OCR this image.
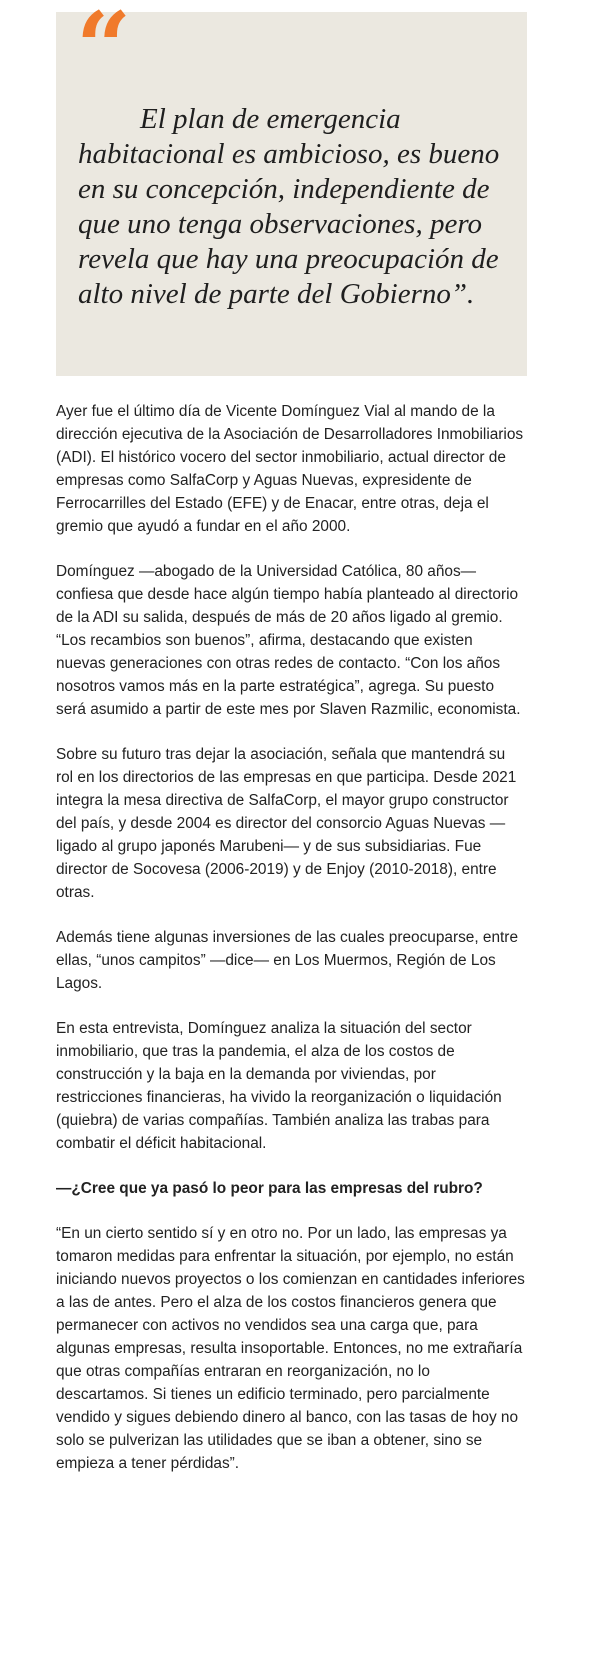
“

El plan de emergencia habitacional es ambicioso, es bueno en su concepción, independiente de que uno tenga observaciones, pero revela que hay una preocupación de alto nivel de parte del Gobierno”.

Ayer fue el último día de Vicente Domínguez Vial al mando de la dirección ejecutiva de la Asociación de Desarrolladores Inmobiliarios (ADI). El histórico vocero del sector inmobiliario, actual director de empresas como SalfaCorp y Aguas Nuevas, expresidente de Ferrocarrilles del Estado (EFE) y de Enacar, entre otras, deja el gremio que ayudó a fundar en el año 2000.

Domínguez —abogado de la Universidad Católica, 80 años— confiesa que desde hace algún tiempo había planteado al directorio de la ADI su salida, después de más de 20 años ligado al gremio. “Los recambios son buenos”, afirma, destacando que existen nuevas generaciones con otras redes de contacto. “Con los años nosotros vamos más en la parte estratégica”, agrega. Su puesto será asumido a partir de este mes por Slaven Razmilic, economista.

Sobre su futuro tras dejar la asociación, señala que mantendrá su rol en los directorios de las empresas en que participa. Desde 2021 integra la mesa directiva de SalfaCorp, el mayor grupo constructor del país, y desde 2004 es director del consorcio Aguas Nuevas —ligado al grupo japonés Marubeni— y de sus subsidiarias. Fue director de Socovesa (2006-2019) y de Enjoy (2010-2018), entre otras.

Además tiene algunas inversiones de las cuales preocuparse, entre ellas, “unos campitos” —dice— en Los Muermos, Región de Los Lagos.

En esta entrevista, Domínguez analiza la situación del sector inmobiliario, que tras la pandemia, el alza de los costos de construcción y la baja en la demanda por viviendas, por restricciones financieras, ha vivido la reorganización o liquidación (quiebra) de varias compañías. También analiza las trabas para combatir el déficit habitacional.

—¿Cree que ya pasó lo peor para las empresas del rubro?

“En un cierto sentido sí y en otro no. Por un lado, las empresas ya tomaron medidas para enfrentar la situación, por ejemplo, no están iniciando nuevos proyectos o los comienzan en cantidades inferiores a las de antes. Pero el alza de los costos financieros genera que permanecer con activos no vendidos sea una carga que, para algunas empresas, resulta insoportable. Entonces, no me extrañaría que otras compañías entraran en reorganización, no lo descartamos. Si tienes un edificio terminado, pero parcialmente vendido y sigues debiendo dinero al banco, con las tasas de hoy no solo se pulverizan las utilidades que se iban a obtener, sino se empieza a tener pérdidas”.
